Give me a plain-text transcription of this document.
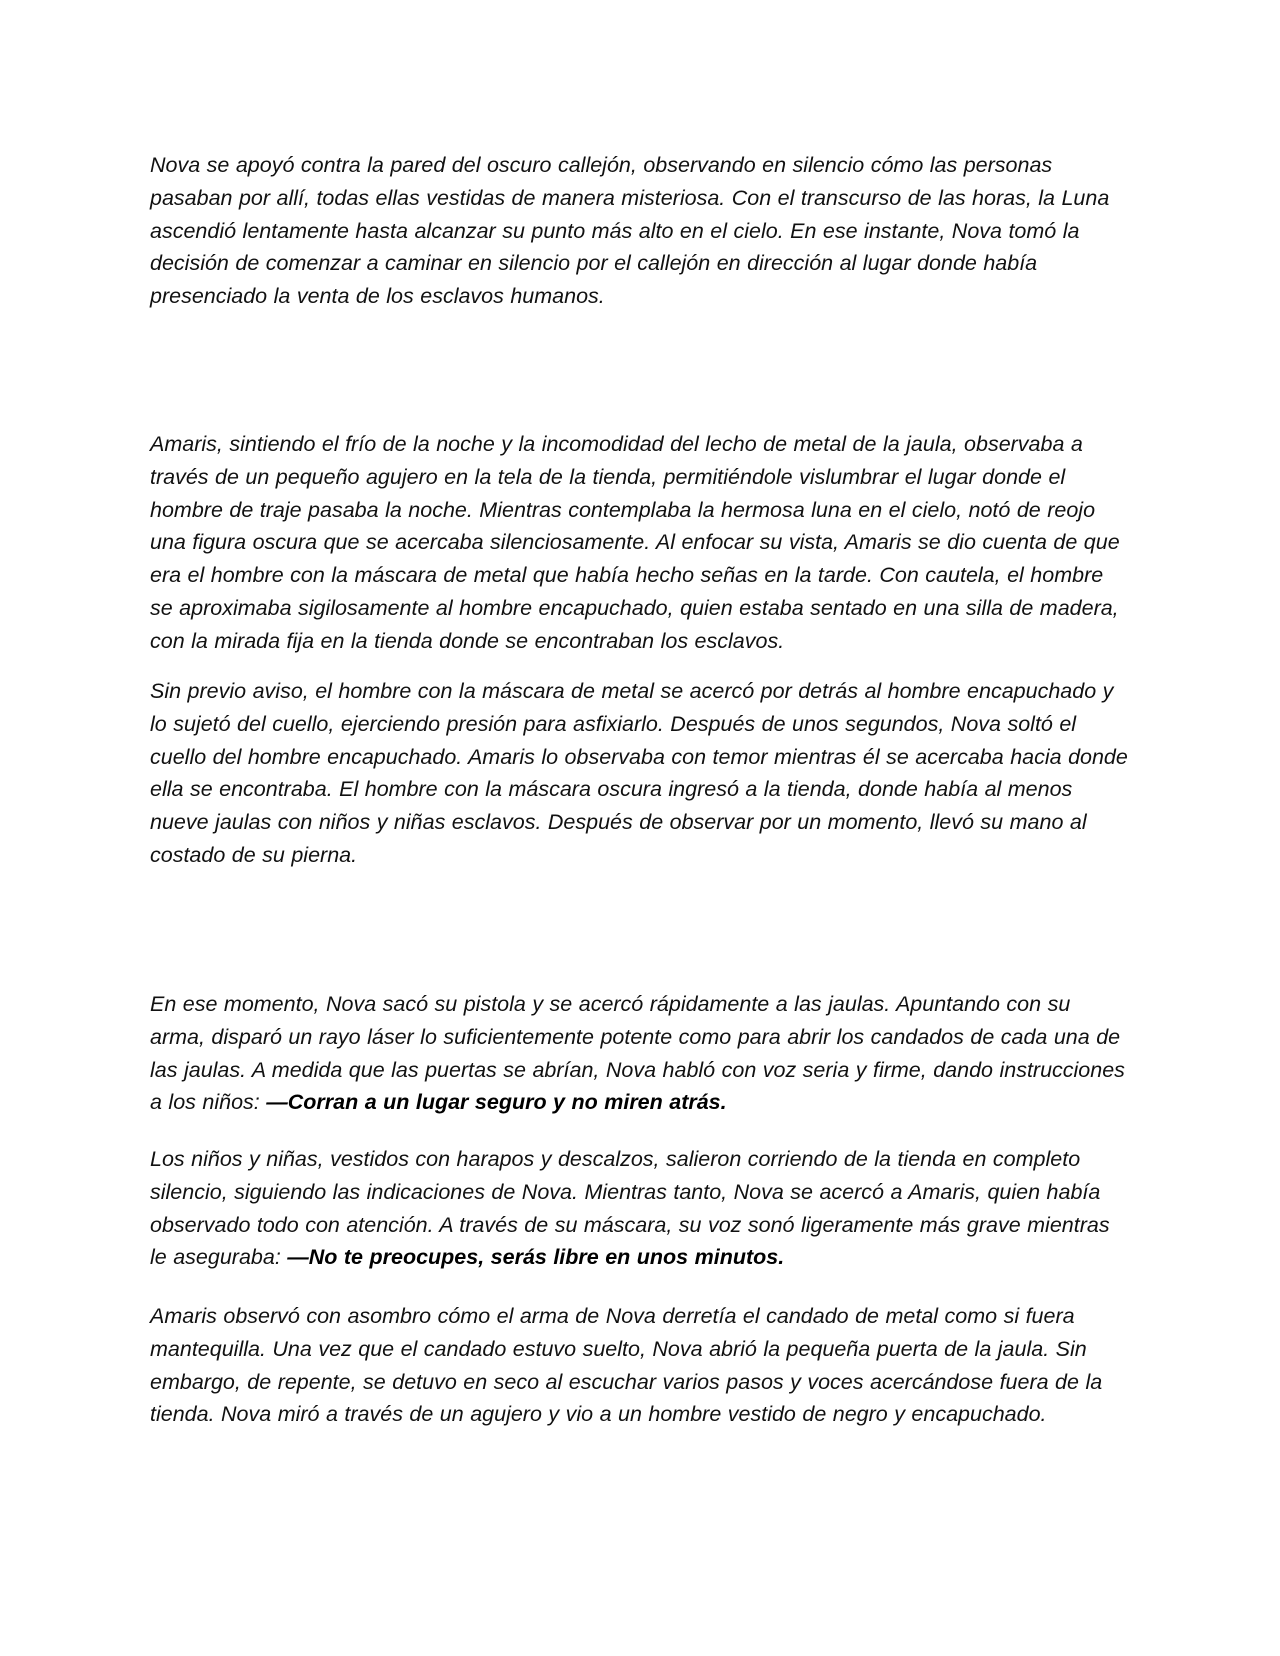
Nova se apoyó contra la pared del oscuro callejón, observando en silencio cómo las personas pasaban por allí, todas ellas vestidas de manera misteriosa. Con el transcurso de las horas, la Luna ascendió lentamente hasta alcanzar su punto más alto en el cielo. En ese instante, Nova tomó la decisión de comenzar a caminar en silencio por el callejón en dirección al lugar donde había presenciado la venta de los esclavos humanos.

Amaris, sintiendo el frío de la noche y la incomodidad del lecho de metal de la jaula, observaba a través de un pequeño agujero en la tela de la tienda, permitiéndole vislumbrar el lugar donde el hombre de traje pasaba la noche. Mientras contemplaba la hermosa luna en el cielo, notó de reojo una figura oscura que se acercaba silenciosamente. Al enfocar su vista, Amaris se dio cuenta de que era el hombre con la máscara de metal que había hecho señas en la tarde. Con cautela, el hombre se aproximaba sigilosamente al hombre encapuchado, quien estaba sentado en una silla de madera, con la mirada fija en la tienda donde se encontraban los esclavos.

Sin previo aviso, el hombre con la máscara de metal se acercó por detrás al hombre encapuchado y lo sujetó del cuello, ejerciendo presión para asfixiarlo. Después de unos segundos, Nova soltó el cuello del hombre encapuchado. Amaris lo observaba con temor mientras él se acercaba hacia donde ella se encontraba. El hombre con la máscara oscura ingresó a la tienda, donde había al menos nueve jaulas con niños y niñas esclavos. Después de observar por un momento, llevó su mano al costado de su pierna.

En ese momento, Nova sacó su pistola y se acercó rápidamente a las jaulas. Apuntando con su arma, disparó un rayo láser lo suficientemente potente como para abrir los candados de cada una de las jaulas. A medida que las puertas se abrían, Nova habló con voz seria y firme, dando instrucciones a los niños: —Corran a un lugar seguro y no miren atrás.

Los niños y niñas, vestidos con harapos y descalzos, salieron corriendo de la tienda en completo silencio, siguiendo las indicaciones de Nova. Mientras tanto, Nova se acercó a Amaris, quien había observado todo con atención. A través de su máscara, su voz sonó ligeramente más grave mientras le aseguraba: —No te preocupes, serás libre en unos minutos.

Amaris observó con asombro cómo el arma de Nova derretía el candado de metal como si fuera mantequilla. Una vez que el candado estuvo suelto, Nova abrió la pequeña puerta de la jaula. Sin embargo, de repente, se detuvo en seco al escuchar varios pasos y voces acercándose fuera de la tienda. Nova miró a través de un agujero y vio a un hombre vestido de negro y encapuchado.
